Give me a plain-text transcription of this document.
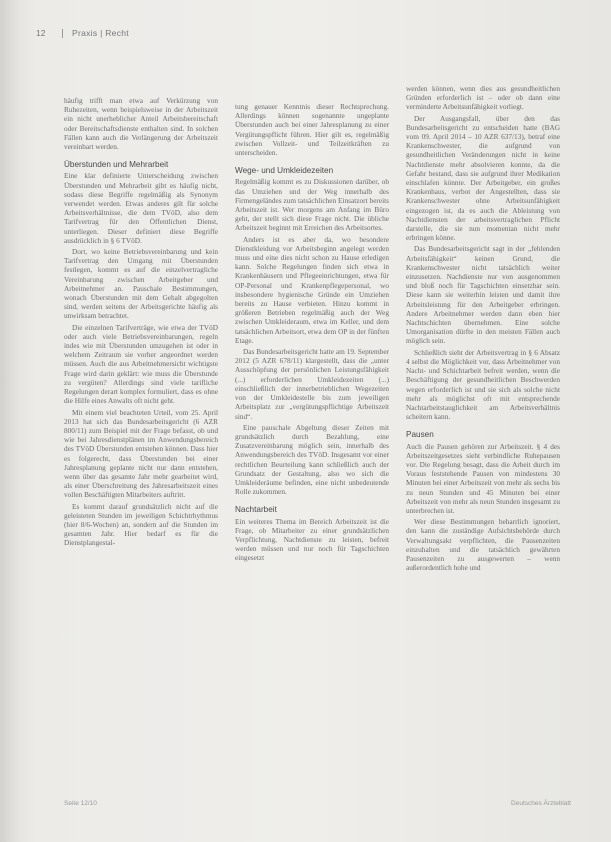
12	Praxis | Recht

häufig trifft man etwa auf Verkürzung von Ruhezeiten, wenn beispielsweise in der Arbeitszeit ein nicht unerheblicher Anteil Arbeitsbereitschaft oder Bereitschaftsdienste enthalten sind. In solchen Fällen kann auch die Verlängerung der Arbeitszeit vereinbart werden.

Überstunden und Mehrarbeit

Eine klar definierte Unterscheidung zwischen Überstunden und Mehrarbeit gibt es häufig nicht, sodass diese Begriffe regelmäßig als Synonym verwendet werden. Etwas anderes gilt für solche Arbeitsverhältnisse, die dem TVöD, also dem Tarifvertrag für den Öffentlichen Dienst, unterliegen. Dieser definiert diese Begriffe ausdrücklich in § 6 TVöD.

Dort, wo keine Betriebsvereinbarung und kein Tarifvertrag den Umgang mit Überstunden festlegen, kommt es auf die einzelvertragliche Vereinbarung zwischen Arbeitgeber und Arbeitnehmer an. Pauschale Bestimmungen, wonach Überstunden mit dem Gehalt abgegolten sind, werden seitens der Arbeitsgerichte häufig als unwirksam betrachtet.

Die einzelnen Tarifverträge, wie etwa der TVöD oder auch viele Betriebsvereinbarungen, regeln indes wie mit Überstunden umzugehen ist oder in welchem Zeitraum sie vorher angeordnet werden müssen. Auch die aus Arbeitnehmersicht wichtigste Frage wird darin geklärt: wie muss die Überstunde zu vergüten? Allerdings sind viele tarifliche Regelungen derart komplex formuliert, dass es ohne die Hilfe eines Anwalts oft nicht geht.

Mit einem viel beachteten Urteil, vom 25. April 2013 hat sich das Bundesarbeitsgericht (6 AZR 800/11) zum Beispiel mit der Frage befasst, ob und wie bei Jahresdienstplänen im Anwendungsbereich des TVöD Überstunden entstehen können. Dass hier es folgerecht, dass Überstunden bei einer Jahresplanung geplante nicht nur dann entstehen, wenn über das gesamte Jahr mehr gearbeitet wird, als einer Überschreitung des Jahresarbeitszeit eines vollen Beschäftigten Mitarbeiters auftritt.

Es kommt darauf grundsätzlich nicht auf die geleisteten Stunden im jeweiligen Schichtrhythmus (hier 8/6-Wochen) an, sondern auf die Stunden im gesamten Jahr. Hier bedarf es für die Dienstplangestal-

tung genauer Kenntnis dieser Rechtsprechung. Allerdings können sogenannte ungeplante Überstunden auch bei einer Jahresplanung zu einer Vergütungspflicht führen. Hier gilt es, regelmäßig zwischen Vollzeit- und Teilzeitkräften zu unterscheiden.

Wege- und Umkleidezeiten

Regelmäßig kommt es zu Diskussionen darüber, ob das Umziehen und der Weg innerhalb des Firmengeländes zum tatsächlichen Einsatzort bereits Arbeitszeit ist. Wer morgens am Anfang im Büro geht, der stellt sich diese Frage nicht. Die übliche Arbeitszeit beginnt mit Erreichen des Arbeitsortes.

Anders ist es aber da, wo besondere Dienstkleidung vor Arbeitsbeginn angelegt werden muss und eine dies nicht schon zu Hause erledigen kann. Solche Regelungen finden sich etwa in Krankenhäusern und Pflegeeinrichtungen, etwa für OP-Personal und Krankenpflegepersonal, wo insbesondere hygienische Gründe ein Umziehen bereits zu Hause verbieten. Hinzu kommt in größeren Betrieben regelmäßig auch der Weg zwischen Umkleideraum, etwa im Keller, und dem tatsächlichen Arbeitsort, etwa dem OP in der fünften Etage.

Das Bundesarbeitsgericht hatte am 19. September 2012 (5 AZR 678/11) klargestellt, dass die „unter Ausschöpfung der persönlichen Leistungsfähigkeit (...) erforderlichen Umkleidezeiten (...) einschließlich der innerbetrieblichen Wegezeiten von der Umkleidestelle bis zum jeweiligen Arbeitsplatz zur „vergütungspflichtige Arbeitszeit sind“.

Eine pauschale Abgeltung dieser Zeiten mit grundsätzlich durch Bezahlung, eine Zusatzvereinbarung möglich sein, innerhalb des Anwendungsbereich des TVöD. Insgesamt vor einer rechtlichen Beurteilung kann schließlich auch der Grundsatz der Gestaltung, also wo sich die Umkleideräume befinden, eine nicht unbedeutende Rolle zukommen.

Nachtarbeit

Ein weiteres Thema im Bereich Arbeitszeit ist die Frage, ob Mitarbeiter zu einer grundsätzlichen Verpflichtung, Nachtdienste zu leisten, befreit werden müssen und nur noch für Tagschichten eingesetzt

werden können, wenn dies aus gesundheitlichen Gründen erforderlich ist – oder ob dann eine verminderte Arbeitsunfähigkeit vorliegt.

Der Ausgangsfall, über den das Bundesarbeitsgericht zu entscheiden hatte (BAG vom 09. April 2014 – 10 AZR 637/13), betraf eine Krankenschwester, die aufgrund von gesundheitlichen Veränderungen nicht in keine Nachtdienste mehr absolvieren konnte, da die Gefahr bestand, dass sie aufgrund ihrer Medikation einschlafen könnte. Der Arbeitgeber, ein großes Krankenhaus, verbot der Angestellten, dass sie Krankenschwester ohne Arbeitsunfähigkeit eingezogen ist, da es auch die Ableistung von Nachtdiensten der arbeitsvertraglichen Pflicht darstelle, die sie nun momentan nicht mehr erbringen könne.

Das Bundesarbeitsgericht sagt in der „fehlenden Arbeitsfähigkeit“ keinen Grund, die Krankenschwester nicht tatsächlich weiter einzusetzen. Nachdienste nur von ausgenommen und bloß noch für Tagschichten einsetzbar sein. Diese kann sie weiterhin leisten und damit ihre Arbeitsleistung für den Arbeitgeber erbringen. Andere Arbeitnehmer werden dann eben hier Nachtschichten übernehmen. Eine solche Umorganisation dürfte in den meisten Fällen auch möglich sein.

Schließlich sieht der Arbeitsvertrag in § 6 Absatz 4 selbst die Möglichkeit vor, dass Arbeitnehmer von Nacht- und Schichtarbeit befreit werden, wenn die Beschäftigung der gesundheitlichen Beschwerden wegen erforderlich ist und sie sich als solche nicht mehr als möglichst oft mit entsprechende Nachtarbeitstauglichkeit am Arbeitsverhältnis scheitern kann.

Pausen

Auch die Pausen gehören zur Arbeitszeit. § 4 des Arbeitszeitgesetzes sieht verbindliche Ruhepausen vor. Die Regelung besagt, dass die Arbeit durch im Voraus feststehende Pausen von mindestens 30 Minuten bei einer Arbeitszeit von mehr als sechs bis zu neun Stunden und 45 Minuten bei einer Arbeitszeit von mehr als neun Stunden insgesamt zu unterbrechen ist.

Wer diese Bestimmungen beharrlich ignoriert, den kann die zuständige Aufsichtsbehörde durch Verwaltungsakt verpflichten, die Pausenzeiten einzuhalten und die tatsächlich gewährten Pausenzeiten zu ausgewerten – wenn außerordentlich hohe und

Seite 12/10	Deutsches Ärzteblatt
